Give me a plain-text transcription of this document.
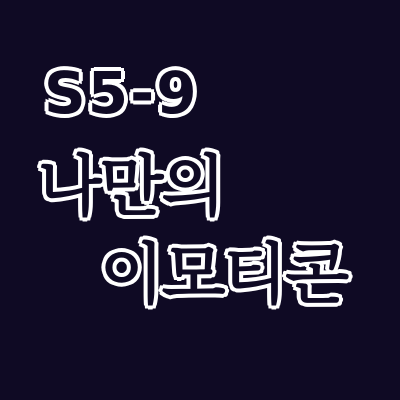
S5-9
나만의
이모티콘
